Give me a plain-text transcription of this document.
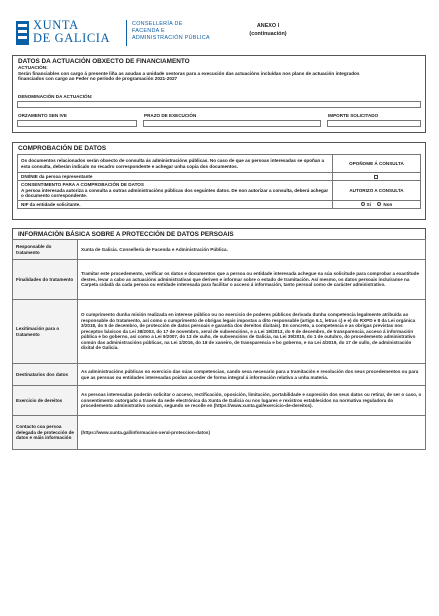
XUNTA
DE GALICIA
CONSELLERÍA DE
FACENDA E
ADMINISTRACIÓN PÚBLICA
ANEXO I
(continuación)
DATOS DA ACTUACIÓN OBXECTO DE FINANCIAMENTO
ACTUACIÓN:
Serán financiables con cargo á presente liña as axudas a unidade xestoras para a execución das actuacións incluídas nos plans de actuación integrados financiados con cargo ao Feder no período de programación 2021-2027
DENOMINACIÓN DA ACTUACIÓN:
ORZAMENTO SEN IVE	PRAZO DE EXECUCIÓN	IMPORTE SOLICITADO
COMPROBACIÓN DE DATOS
Os documentos relacionados serán obxecto de consulta ás administracións públicas. No caso de que as persoas interesadas se opoñan a esta consulta, deberán indicalo no recadro correspondente e achegar unha copia dos documentos.	OPOÑOME Á CONSULTA
DNI/NIE da persoa representante	

CONSENTIMENTO PARA A COMPROBACIÓN DE DATOS
A persoa interesada autoriza a consulta a outras administracións públicas dos seguintes datos. De non autorizar a consulta, deberá achegar o documento correspondente.	AUTORIZO A CONSULTA
NIF da entidade solicitante.	Si Non
INFORMACIÓN BÁSICA SOBRE A PROTECCIÓN DE DATOS PERSOAIS
Responsable do tratamento	Xunta de Galicia. Consellería de Facenda e Administración Pública.
Finalidades do tratamento	Tramitar este procedemento, verificar os datos e documentos que a persoa ou entidade interesada achegue na súa solicitude para comprobar a exactitude destes, levar a cabo as actuacións administrativas que deriven e informar sobre o estado de tramitación. Así mesmo, os datos persoais incluíranse na Carpeta cidadá da cada persoa ou entidade interesada para facilitar o acceso á información, tanto persoal como de carácter administrativo.
Lexitimación para o tratamento	O cumprimento dunha misión realizada en interese público ou no exercicio de poderes públicos derivada dunha competencia legalmente atribuída ao responsable do tratamento, así como o cumprimento de obrigas legais impostas a dito responsable (artigo 6.1, letras c) e e) do RXPD e 8 da Lei orgánica 3/2018, do 5 de decembro, de protección de datos persoais e garantía dos dereitos dixitais). En concreto, a competencia e as obrigas previstas nos preceptos básicos da Lei 38/2003, do 17 de novembro, xeral de subvencións, e a Lei 19/2013, do 9 de decembro, de transparencia, acceso á información pública e bo goberno, así como a Lei 9/2007, do 13 de xuño, de subvencións de Galicia, na Lei 39/2015, do 1 de outubro, do procedemento administrativo común das administracións públicas, na Lei 1/2016, do 18 de xaneiro, de transparencia e bo goberno, e na Lei 4/2019, do 17 de xullo, de administración dixital de Galicia.
Destinatarios dos datos	As administracións públicas no exercicio das súas competencias, cando sexa necesario para a tramitación e resolución dos seus procedementos ou para que as persoas ou entidades interesadas poidan acceder de forma integral á información relativa a unha materia.
Exercicio de dereitos	As persoas interesadas poderán solicitar o acceso, rectificación, oposición, limitación, portabilidade e supresión dos seus datos ou retirar, de ser o caso, o consentimento outorgado a través da sede electrónica da Xunta de Galicia ou nos lugares e rexistros establecidos na normativa reguladora do procedemento administrativo común, segundo se recolle en (https://www.xunta.gal/exercicio-de-dereitos).
Contacto coa persoa delegada de protección de datos e máis información	(https://www.xunta.gal/informacion-xeral-proteccion-datos)
